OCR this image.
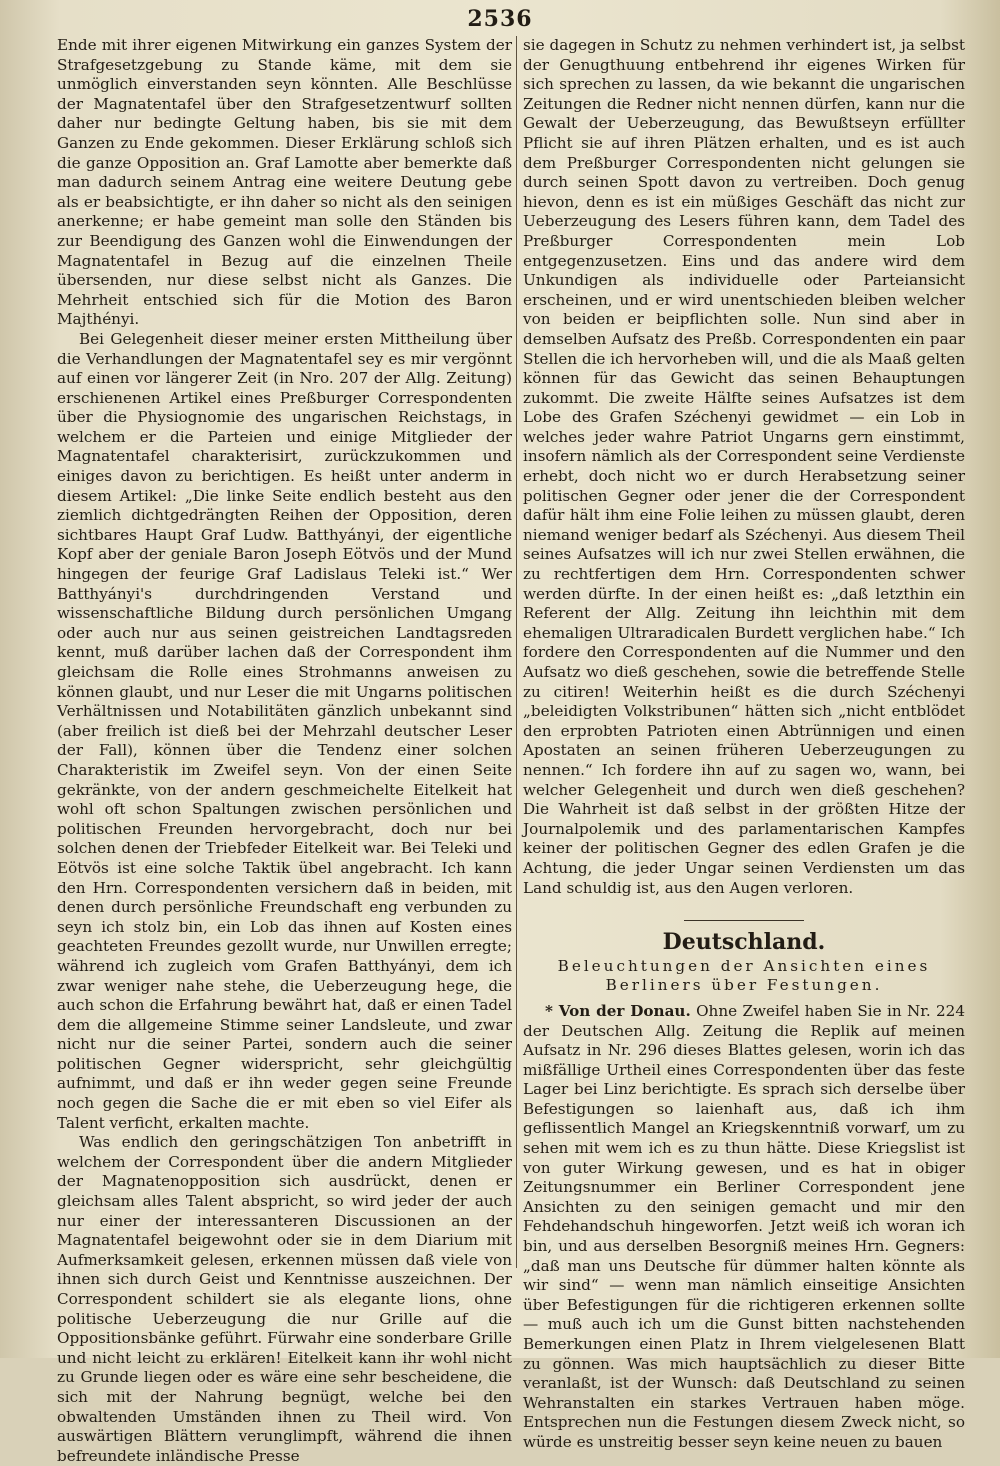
2536

Ende mit ihrer eigenen Mitwirkung ein ganzes System der Strafgesetzgebung zu Stande käme, mit dem sie unmöglich einverstanden seyn könnten. Alle Beschlüsse der Magnatentafel über den Strafgesetzentwurf sollten daher nur bedingte Geltung haben, bis sie mit dem Ganzen zu Ende gekommen. Dieser Erklärung schloß sich die ganze Opposition an. Graf Lamotte aber bemerkte daß man dadurch seinem Antrag eine weitere Deutung gebe als er beabsichtigte, er ihn daher so nicht als den seinigen anerkenne; er habe gemeint man solle den Ständen bis zur Beendigung des Ganzen wohl die Einwendungen der Magnatentafel in Bezug auf die einzelnen Theile übersenden, nur diese selbst nicht als Ganzes. Die Mehrheit entschied sich für die Motion des Baron Majthényi.

Bei Gelegenheit dieser meiner ersten Mittheilung über die Verhandlungen der Magnatentafel sey es mir vergönnt auf einen vor längerer Zeit (in Nro. 207 der Allg. Zeitung) erschienenen Artikel eines Preßburger Correspondenten über die Physiognomie des ungarischen Reichstags, in welchem er die Parteien und einige Mitglieder der Magnatentafel charakterisirt, zurückzukommen und einiges davon zu berichtigen. Es heißt unter anderm in diesem Artikel: „Die linke Seite endlich besteht aus den ziemlich dichtgedrängten Reihen der Opposition, deren sichtbares Haupt Graf Ludw. Batthyányi, der eigentliche Kopf aber der geniale Baron Joseph Eötvös und der Mund hingegen der feurige Graf Ladislaus Teleki ist.“ Wer Batthyányi's durchdringenden Verstand und wissenschaftliche Bildung durch persönlichen Umgang oder auch nur aus seinen geistreichen Landtagsreden kennt, muß darüber lachen daß der Correspondent ihm gleichsam die Rolle eines Strohmanns anweisen zu können glaubt, und nur Leser die mit Ungarns politischen Verhältnissen und Notabilitäten gänzlich unbekannt sind (aber freilich ist dieß bei der Mehrzahl deutscher Leser der Fall), können über die Tendenz einer solchen Charakteristik im Zweifel seyn. Von der einen Seite gekränkte, von der andern geschmeichelte Eitelkeit hat wohl oft schon Spaltungen zwischen persönlichen und politischen Freunden hervorgebracht, doch nur bei solchen denen der Triebfeder Eitelkeit war. Bei Teleki und Eötvös ist eine solche Taktik übel angebracht. Ich kann den Hrn. Correspondenten versichern daß in beiden, mit denen durch persönliche Freundschaft eng verbunden zu seyn ich stolz bin, ein Lob das ihnen auf Kosten eines geachteten Freundes gezollt wurde, nur Unwillen erregte; während ich zugleich vom Grafen Batthyányi, dem ich zwar weniger nahe stehe, die Ueberzeugung hege, die auch schon die Erfahrung bewährt hat, daß er einen Tadel dem die allgemeine Stimme seiner Landsleute, und zwar nicht nur die seiner Partei, sondern auch die seiner politischen Gegner widerspricht, sehr gleichgültig aufnimmt, und daß er ihn weder gegen seine Freunde noch gegen die Sache die er mit eben so viel Eifer als Talent verficht, erkalten machte.

Was endlich den geringschätzigen Ton anbetrifft in welchem der Correspondent über die andern Mitglieder der Magnatenopposition sich ausdrückt, denen er gleichsam alles Talent abspricht, so wird jeder der auch nur einer der interessanteren Discussionen an der Magnatentafel beigewohnt oder sie in dem Diarium mit Aufmerksamkeit gelesen, erkennen müssen daß viele von ihnen sich durch Geist und Kenntnisse auszeichnen. Der Correspondent schildert sie als elegante lions, ohne politische Ueberzeugung die nur Grille auf die Oppositionsbänke geführt. Fürwahr eine sonderbare Grille und nicht leicht zu erklären! Eitelkeit kann ihr wohl nicht zu Grunde liegen oder es wäre eine sehr bescheidene, die sich mit der Nahrung begnügt, welche bei den obwaltenden Umständen ihnen zu Theil wird. Von auswärtigen Blättern verunglimpft, während die ihnen befreundete inländische Presse

sie dagegen in Schutz zu nehmen verhindert ist, ja selbst der Genugthuung entbehrend ihr eigenes Wirken für sich sprechen zu lassen, da wie bekannt die ungarischen Zeitungen die Redner nicht nennen dürfen, kann nur die Gewalt der Ueberzeugung, das Bewußtseyn erfüllter Pflicht sie auf ihren Plätzen erhalten, und es ist auch dem Preßburger Correspondenten nicht gelungen sie durch seinen Spott davon zu vertreiben. Doch genug hievon, denn es ist ein müßiges Geschäft das nicht zur Ueberzeugung des Lesers führen kann, dem Tadel des Preßburger Correspondenten mein Lob entgegenzusetzen. Eins und das andere wird dem Unkundigen als individuelle oder Parteiansicht erscheinen, und er wird unentschieden bleiben welcher von beiden er beipflichten solle. Nun sind aber in demselben Aufsatz des Preßb. Correspondenten ein paar Stellen die ich hervorheben will, und die als Maaß gelten können für das Gewicht das seinen Behauptungen zukommt. Die zweite Hälfte seines Aufsatzes ist dem Lobe des Grafen Széchenyi gewidmet — ein Lob in welches jeder wahre Patriot Ungarns gern einstimmt, insofern nämlich als der Correspondent seine Verdienste erhebt, doch nicht wo er durch Herabsetzung seiner politischen Gegner oder jener die der Correspondent dafür hält ihm eine Folie leihen zu müssen glaubt, deren niemand weniger bedarf als Széchenyi. Aus diesem Theil seines Aufsatzes will ich nur zwei Stellen erwähnen, die zu rechtfertigen dem Hrn. Correspondenten schwer werden dürfte. In der einen heißt es: „daß letzthin ein Referent der Allg. Zeitung ihn leichthin mit dem ehemaligen Ultraradicalen Burdett verglichen habe.“ Ich fordere den Correspondenten auf die Nummer und den Aufsatz wo dieß geschehen, sowie die betreffende Stelle zu citiren! Weiterhin heißt es die durch Széchenyi „beleidigten Volkstribunen“ hätten sich „nicht entblödet den erprobten Patrioten einen Abtrünnigen und einen Apostaten an seinen früheren Ueberzeugungen zu nennen.“ Ich fordere ihn auf zu sagen wo, wann, bei welcher Gelegenheit und durch wen dieß geschehen? Die Wahrheit ist daß selbst in der größten Hitze der Journalpolemik und des parlamentarischen Kampfes keiner der politischen Gegner des edlen Grafen je die Achtung, die jeder Ungar seinen Verdiensten um das Land schuldig ist, aus den Augen verloren.

Deutschland.
Beleuchtungen der Ansichten eines Berliners über Festungen.

* Von der Donau. Ohne Zweifel haben Sie in Nr. 224 der Deutschen Allg. Zeitung die Replik auf meinen Aufsatz in Nr. 296 dieses Blattes gelesen, worin ich das mißfällige Urtheil eines Correspondenten über das feste Lager bei Linz berichtigte. Es sprach sich derselbe über Befestigungen so laienhaft aus, daß ich ihm geflissentlich Mangel an Kriegskenntniß vorwarf, um zu sehen mit wem ich es zu thun hätte. Diese Kriegslist ist von guter Wirkung gewesen, und es hat in obiger Zeitungsnummer ein Berliner Correspondent jene Ansichten zu den seinigen gemacht und mir den Fehdehandschuh hingeworfen. Jetzt weiß ich woran ich bin, und aus derselben Besorgniß meines Hrn. Gegners: „daß man uns Deutsche für dümmer halten könnte als wir sind“ — wenn man nämlich einseitige Ansichten über Befestigungen für die richtigeren erkennen sollte — muß auch ich um die Gunst bitten nachstehenden Bemerkungen einen Platz in Ihrem vielgelesenen Blatt zu gönnen. Was mich hauptsächlich zu dieser Bitte veranlaßt, ist der Wunsch: daß Deutschland zu seinen Wehranstalten ein starkes Vertrauen haben möge. Entsprechen nun die Festungen diesem Zweck nicht, so würde es unstreitig besser seyn keine neuen zu bauen
